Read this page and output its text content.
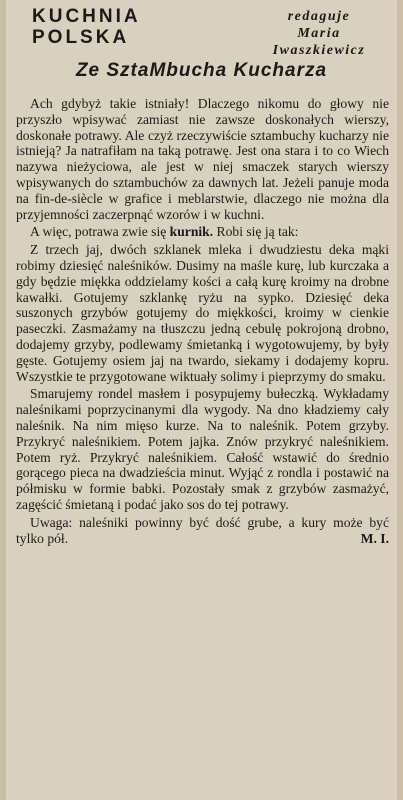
KUCHNIA
POLSKA
redaguje
Maria
Iwaszkiewicz
Ze SztaMbucha Kucharza

Ach gdybyż takie istniały! Dlaczego nikomu do głowy nie przyszło wpisywać zamiast nie zawsze doskonałych wierszy, doskonałe potrawy. Ale czyż rzeczywiście sztambuchy kucharzy nie istnieją? Ja natrafiłam na taką potrawę. Jest ona stara i to co Wiech nazywa nieżyciowa, ale jest w niej smaczek starych wierszy wpisywanych do sztambuchów za dawnych lat. Jeżeli panuje moda na fin-de-siècle w grafice i meblarstwie, dlaczego nie można dla przyjemności zaczerpnąć wzorów i w kuchni.

A więc, potrawa zwie się kurnik. Robi się ją tak:

Z trzech jaj, dwóch szklanek mleka i dwudziestu deka mąki robimy dziesięć naleśników. Dusimy na maśle kurę, lub kurczaka a gdy będzie miękka oddzielamy kości a całą kurę kroimy na drobne kawałki. Gotujemy szklankę ryżu na sypko. Dziesięć deka suszonych grzybów gotujemy do miękkości, kroimy w cienkie paseczki. Zasmażamy na tłuszczu jedną cebulę pokrojoną drobno, dodajemy grzyby, podlewamy śmietanką i wygotowujemy, by były gęste. Gotujemy osiem jaj na twardo, siekamy i dodajemy kopru. Wszystkie te przygotowane wiktuały solimy i pieprzymy do smaku.

Smarujemy rondel masłem i posypujemy bułeczką. Wykładamy naleśnikami poprzycinanymi dla wygody. Na dno kładziemy cały naleśnik. Na nim mięso kurze. Na to naleśnik. Potem grzyby. Przykryć naleśnikiem. Potem jajka. Znów przykryć naleśnikiem. Potem ryż. Przykryć naleśnikiem. Całość wstawić do średnio gorącego pieca na dwadzieścia minut. Wyjąć z rondla i postawić na półmisku w formie babki. Pozostały smak z grzybów zasmażyć, zagęścić śmietaną i podać jako sos do tej potrawy.

Uwaga: naleśniki powinny być dość grube, a kury może być tylko pół.	M. I.
